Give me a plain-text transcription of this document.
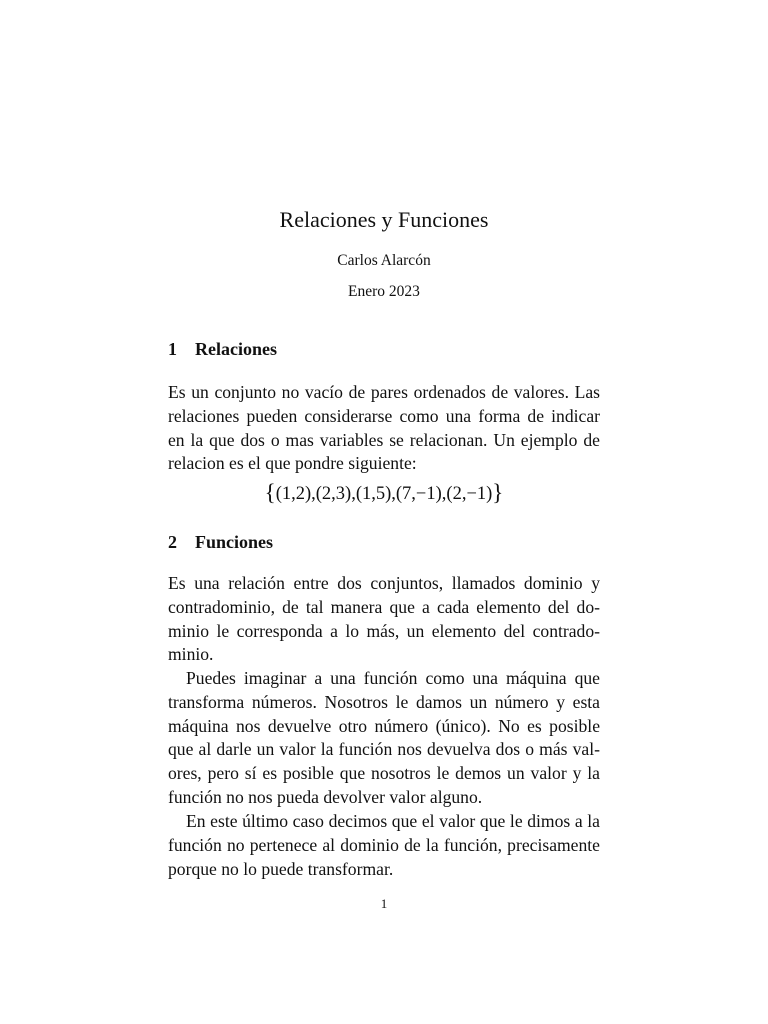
Relaciones y Funciones
Carlos Alarcón
Enero 2023
1 Relaciones
Es un conjunto no vacío de pares ordenados de valores. Las
relaciones pueden considerarse como una forma de indicar
en la que dos o mas variables se relacionan. Un ejemplo de
relacion es el que pondre siguiente:
{(1,2),(2,3),(1,5),(7,−1),(2,−1)}
2 Funciones
Es una relación entre dos conjuntos, llamados dominio y
contradominio, de tal manera que a cada elemento del do-
minio le corresponda a lo más, un elemento del contrado-
minio.
Puedes imaginar a una función como una máquina que
transforma números. Nosotros le damos un número y esta
máquina nos devuelve otro número (único). No es posible
que al darle un valor la función nos devuelva dos o más val-
ores, pero sí es posible que nosotros le demos un valor y la
función no nos pueda devolver valor alguno.
En este último caso decimos que el valor que le dimos a la
función no pertenece al dominio de la función, precisamente
porque no lo puede transformar.
1
